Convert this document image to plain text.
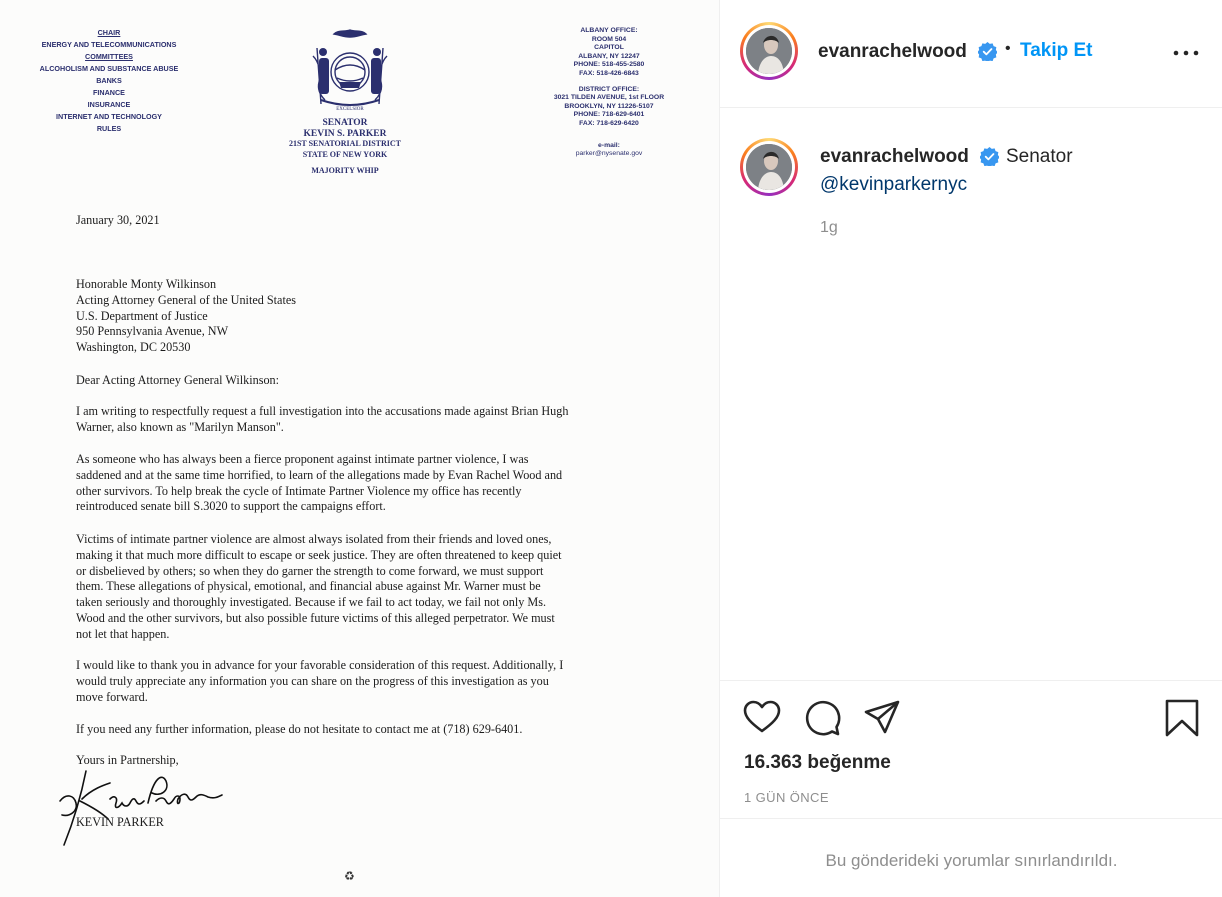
CHAIR
ENERGY AND TELECOMMUNICATIONS
COMMITTEES
ALCOHOLISM AND SUBSTANCE ABUSE
BANKS
FINANCE
INSURANCE
INTERNET AND TECHNOLOGY
RULES
EXCELSIOR
SENATOR
KEVIN S. PARKER
21ST SENATORIAL DISTRICT
STATE OF NEW YORK
MAJORITY WHIP
ALBANY OFFICE:
ROOM 504
CAPITOL
ALBANY, NY 12247
PHONE: 518-455-2580
FAX: 518-426-6843
DISTRICT OFFICE:
3021 TILDEN AVENUE, 1st FLOOR
BROOKLYN, NY 11226-5107
PHONE: 718-629-6401
FAX: 718-629-6420
e-mail:
parker@nysenate.gov
January 30, 2021
Honorable Monty Wilkinson
Acting Attorney General of the United States
U.S. Department of Justice
950 Pennsylvania Avenue, NW
Washington, DC 20530
Dear Acting Attorney General Wilkinson:
I am writing to respectfully request a full investigation into the accusations made against Brian Hugh
Warner, also known as "Marilyn Manson".
As someone who has always been a fierce proponent against intimate partner violence, I was
saddened and at the same time horrified, to learn of the allegations made by Evan Rachel Wood and
other survivors. To help break the cycle of Intimate Partner Violence my office has recently
reintroduced senate bill S.3020 to support the campaigns effort.
Victims of intimate partner violence are almost always isolated from their friends and loved ones,
making it that much more difficult to escape or seek justice. They are often threatened to keep quiet
or disbelieved by others; so when they do garner the strength to come forward, we must support
them. These allegations of physical, emotional, and financial abuse against Mr. Warner must be
taken seriously and thoroughly investigated. Because if we fail to act today, we fail not only Ms.
Wood and the other survivors, but also possible future victims of this alleged perpetrator. We must
not let that happen.
I would like to thank you in advance for your favorable consideration of this request. Additionally, I
would truly appreciate any information you can share on the progress of this investigation as you
move forward.
If you need any further information, please do not hesitate to contact me at (718) 629-6401.
Yours in Partnership,
KEVIN PARKER
♻
evanrachelwood • Takip Et
evanrachelwood Senator
@kevinparkernyc
1g
16.363 beğenme
1 GÜN ÖNCE
Bu gönderideki yorumlar sınırlandırıldı.
